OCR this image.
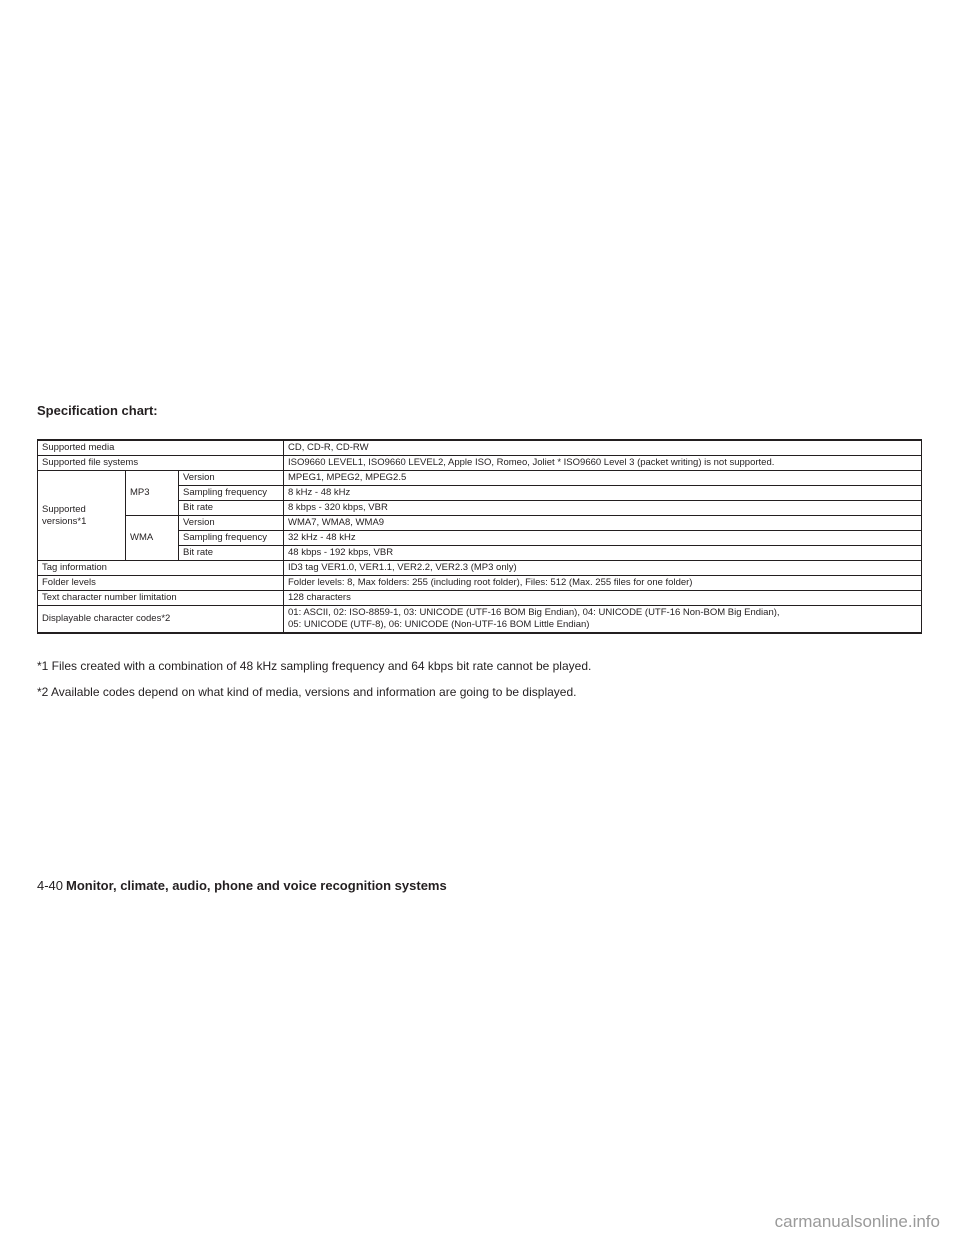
Specification chart:
Supported media			CD, CD-R, CD-RW
Supported file systems			ISO9660 LEVEL1, ISO9660 LEVEL2, Apple ISO, Romeo, Joliet * ISO9660 Level 3 (packet writing) is not supported.
Supported versions*1	MP3	Version	MPEG1, MPEG2, MPEG2.5
		Sampling frequency	8 kHz - 48 kHz
		Bit rate	8 kbps - 320 kbps, VBR
	WMA	Version	WMA7, WMA8, WMA9
		Sampling frequency	32 kHz - 48 kHz
		Bit rate	48 kbps - 192 kbps, VBR
Tag information			ID3 tag VER1.0, VER1.1, VER2.2, VER2.3 (MP3 only)
Folder levels			Folder levels: 8, Max folders: 255 (including root folder), Files: 512 (Max. 255 files for one folder)
Text character number limitation			128 characters
Displayable character codes*2			01: ASCII, 02: ISO-8859-1, 03: UNICODE (UTF-16 BOM Big Endian), 04: UNICODE (UTF-16 Non-BOM Big Endian),
05: UNICODE (UTF-8), 06: UNICODE (Non-UTF-16 BOM Little Endian)

*1 Files created with a combination of 48 kHz sampling frequency and 64 kbps bit rate cannot be played.

*2 Available codes depend on what kind of media, versions and information are going to be displayed.

4-40 Monitor, climate, audio, phone and voice recognition systems
carmanualsonline.info
